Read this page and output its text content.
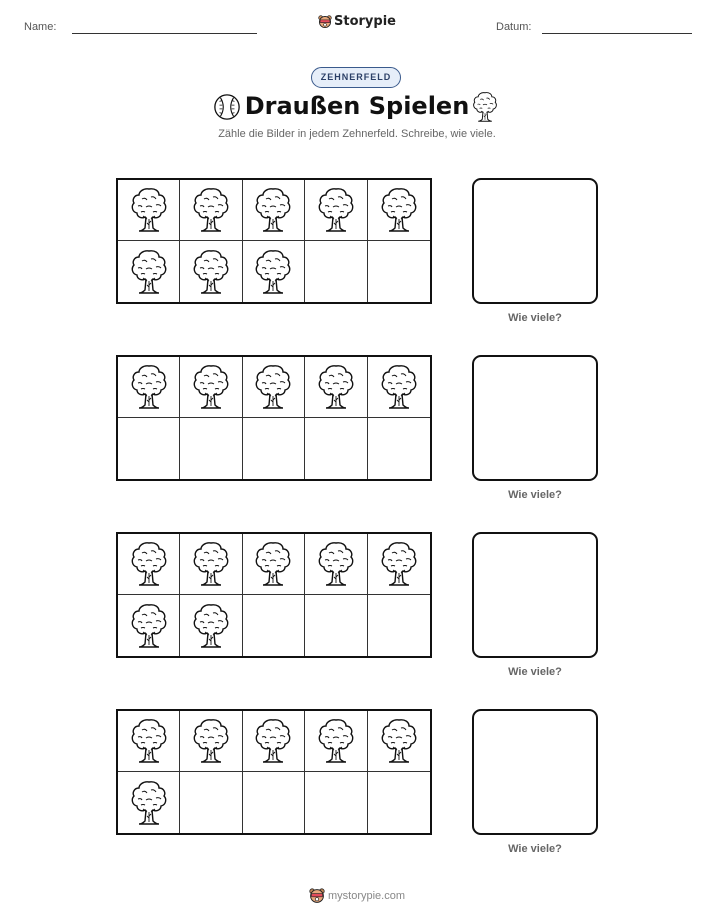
Name:	Storypie	Datum:
ZEHNERFELD
Draußen Spielen
Zähle die Bilder in jedem Zehnerfeld. Schreibe, wie viele.
Wie viele?
Wie viele?
Wie viele?
Wie viele?
mystorypie.com
